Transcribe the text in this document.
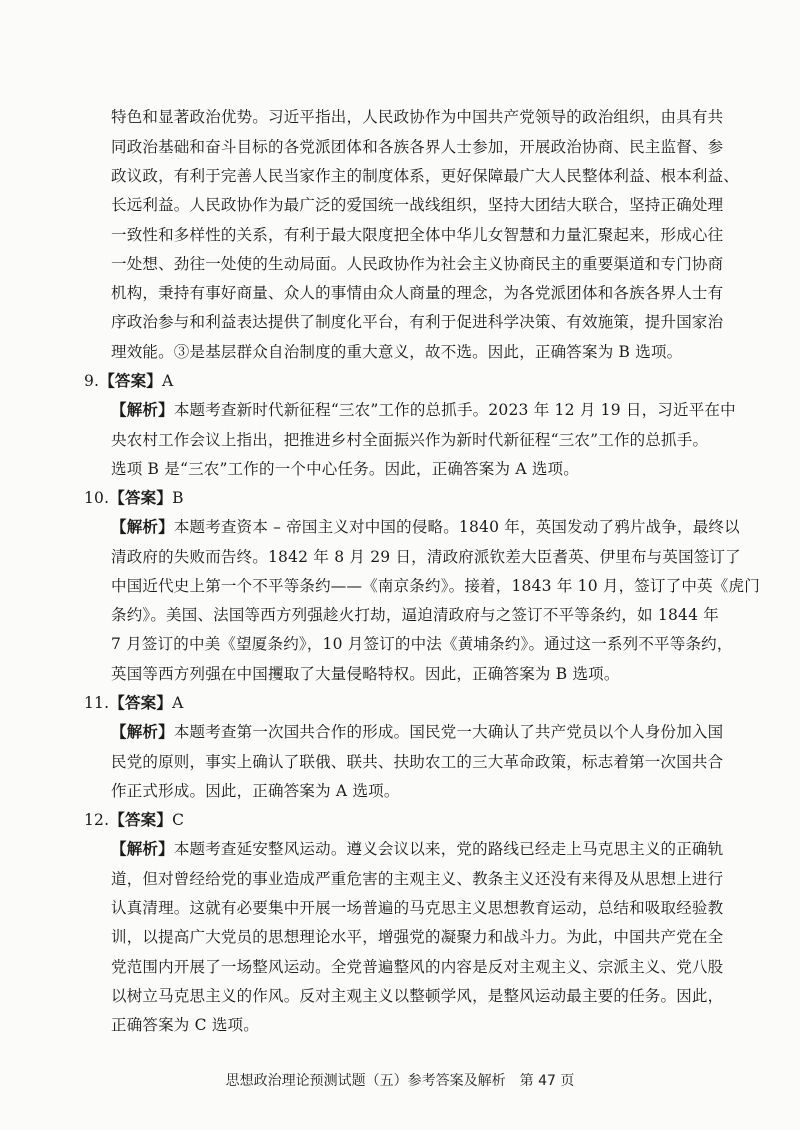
特色和显著政治优势。习近平指出，人民政协作为中国共产党领导的政治组织，由具有共
同政治基础和奋斗目标的各党派团体和各族各界人士参加，开展政治协商、民主监督、参
政议政，有利于完善人民当家作主的制度体系，更好保障最广大人民整体利益、根本利益、
长远利益。人民政协作为最广泛的爱国统一战线组织，坚持大团结大联合，坚持正确处理
一致性和多样性的关系，有利于最大限度把全体中华儿女智慧和力量汇聚起来，形成心往
一处想、劲往一处使的生动局面。人民政协作为社会主义协商民主的重要渠道和专门协商
机构，秉持有事好商量、众人的事情由众人商量的理念，为各党派团体和各族各界人士有
序政治参与和利益表达提供了制度化平台，有利于促进科学决策、有效施策，提升国家治
理效能。③是基层群众自治制度的重大意义，故不选。因此，正确答案为 B 选项。
9.【答案】A
【解析】本题考查新时代新征程“三农”工作的总抓手。2023 年 12 月 19 日，习近平在中
央农村工作会议上指出，把推进乡村全面振兴作为新时代新征程“三农”工作的总抓手。
选项 B 是“三农”工作的一个中心任务。因此，正确答案为 A 选项。
10.【答案】B
【解析】本题考查资本 – 帝国主义对中国的侵略。1840 年，英国发动了鸦片战争，最终以
清政府的失败而告终。1842 年 8 月 29 日，清政府派钦差大臣耆英、伊里布与英国签订了
中国近代史上第一个不平等条约——《南京条约》。接着，1843 年 10 月，签订了中英《虎门
条约》。美国、法国等西方列强趁火打劫，逼迫清政府与之签订不平等条约，如 1844 年
7 月签订的中美《望厦条约》，10 月签订的中法《黄埔条约》。通过这一系列不平等条约，
英国等西方列强在中国攫取了大量侵略特权。因此，正确答案为 B 选项。
11.【答案】A
【解析】本题考查第一次国共合作的形成。国民党一大确认了共产党员以个人身份加入国
民党的原则，事实上确认了联俄、联共、扶助农工的三大革命政策，标志着第一次国共合
作正式形成。因此，正确答案为 A 选项。
12.【答案】C
【解析】本题考查延安整风运动。遵义会议以来，党的路线已经走上马克思主义的正确轨
道，但对曾经给党的事业造成严重危害的主观主义、教条主义还没有来得及从思想上进行
认真清理。这就有必要集中开展一场普遍的马克思主义思想教育运动，总结和吸取经验教
训，以提高广大党员的思想理论水平，增强党的凝聚力和战斗力。为此，中国共产党在全
党范围内开展了一场整风运动。全党普遍整风的内容是反对主观主义、宗派主义、党八股
以树立马克思主义的作风。反对主观主义以整顿学风，是整风运动最主要的任务。因此，
正确答案为 C 选项。
思想政治理论预测试题（五）参考答案及解析　第 47 页
